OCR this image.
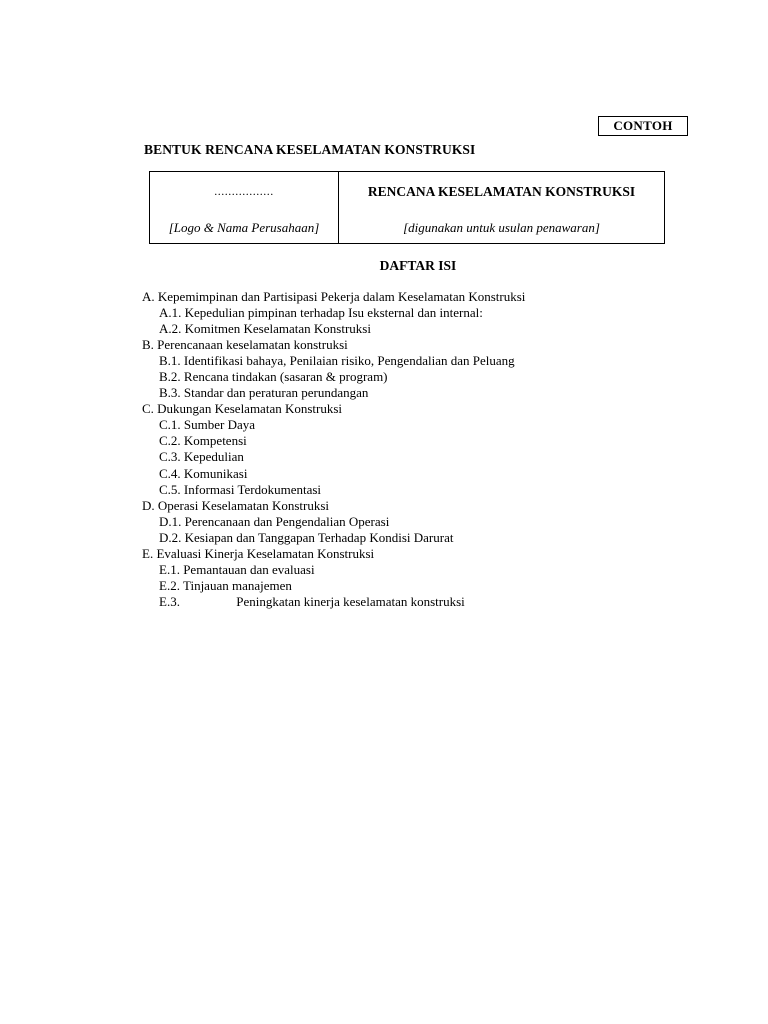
CONTOH
BENTUK RENCANA KESELAMATAN KONSTRUKSI
.................
[Logo & Nama Perusahaan]
RENCANA KESELAMATAN KONSTRUKSI
[digunakan untuk usulan penawaran]
DAFTAR ISI
A. Kepemimpinan dan Partisipasi Pekerja dalam Keselamatan Konstruksi
A.1. Kepedulian pimpinan terhadap Isu eksternal dan internal:
A.2. Komitmen Keselamatan Konstruksi
B. Perencanaan keselamatan konstruksi
B.1. Identifikasi bahaya, Penilaian risiko, Pengendalian dan Peluang
B.2. Rencana tindakan (sasaran & program)
B.3. Standar dan peraturan perundangan
C. Dukungan Keselamatan Konstruksi
C.1. Sumber Daya
C.2. Kompetensi
C.3. Kepedulian
C.4. Komunikasi
C.5. Informasi Terdokumentasi
D. Operasi Keselamatan Konstruksi
D.1. Perencanaan dan Pengendalian Operasi
D.2. Kesiapan dan Tanggapan Terhadap Kondisi Darurat
E. Evaluasi Kinerja Keselamatan Konstruksi
E.1. Pemantauan dan evaluasi
E.2. Tinjauan manajemen
E.3.	Peningkatan kinerja keselamatan konstruksi
